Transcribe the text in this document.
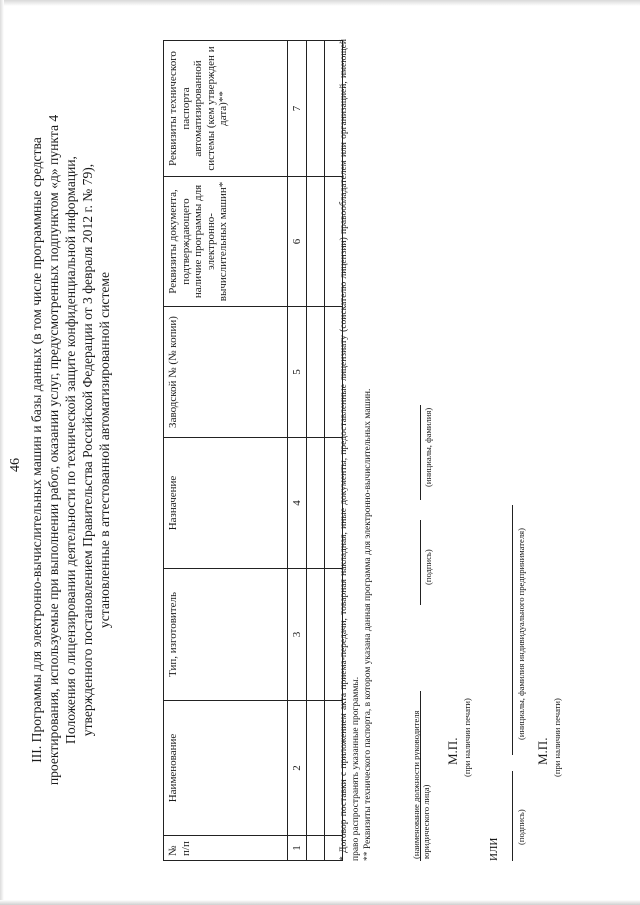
46 III. Программы для электронно-вычислительных машин и базы данных (в том числе программные средства проектирования, используемые при выполнении работ, оказании услуг, предусмотренных подпунктом «д» пункта 4 Положения о лицензировании деятельности по технической защите конфиденциальной информации, утвержденного постановлением Правительства Российской Федерации от 3 февраля 2012 г. № 79), установленные в аттестованной автоматизированной системе
№ п/п	Наименование	Тип, изготовитель	Назначение	Заводской № (№ копии)	Реквизиты документа, подтверждающего наличие программы для электронно-вычислительных машин*	Реквизиты технического паспорта автоматизированной системы (кем утвержден и дата)**
1	2	3	4	5	6	7

							* Договор поставки с приложением акта приема-передачи, товарная накладная, иные документы, предоставленные лицензиату (соискателю лицензии) правообладателем или организацией, имеющей право распространять указанные программы. ** Реквизиты технического паспорта, в котором указана данная программа для электронно-вычислительных машин.	(наименование должности руководителя юридического лица)
(подпись)
(инициалы, фамилия)
М.П. (при наличии печати)
ИЛИ
(подпись)
(инициалы, фамилия индивидуального предпринимателя)
М.П. (при наличии печати)
